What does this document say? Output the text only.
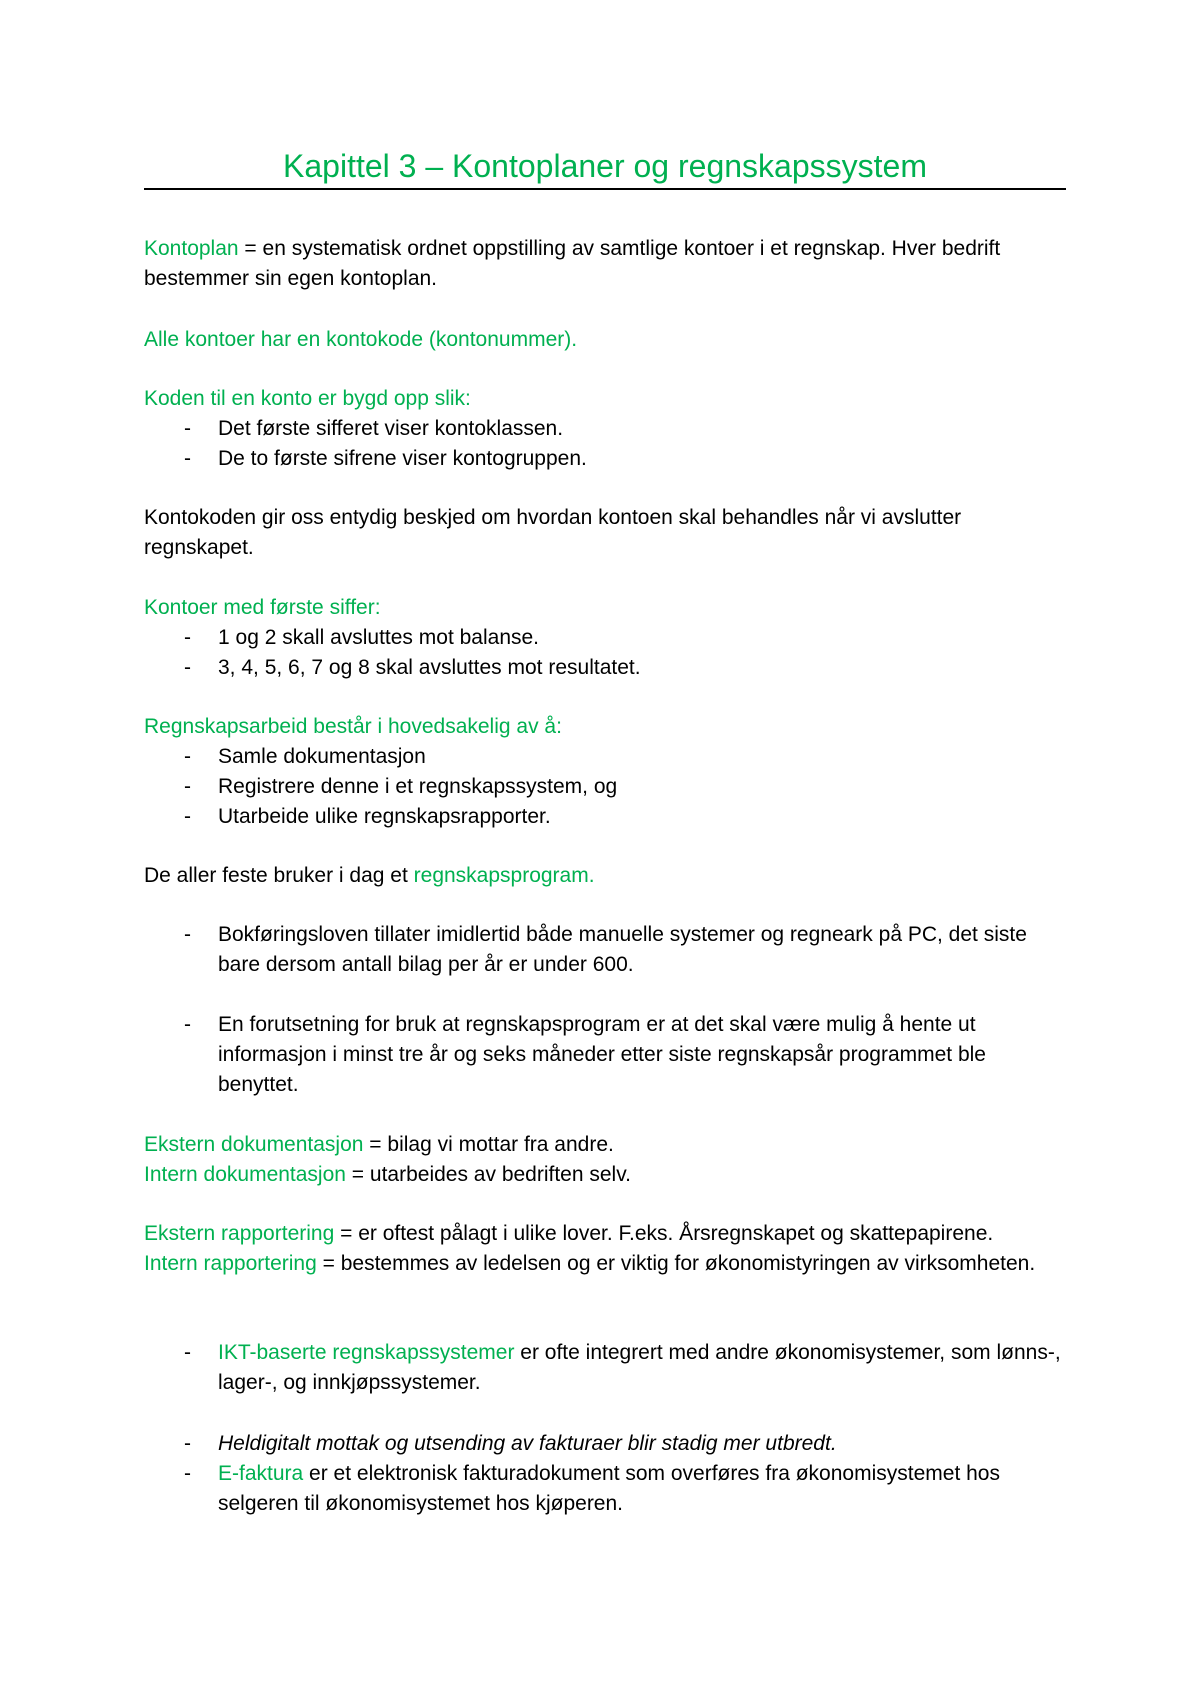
Kapittel 3 – Kontoplaner og regnskapssystem

Kontoplan = en systematisk ordnet oppstilling av samtlige kontoer i et regnskap. Hver bedrift bestemmer sin egen kontoplan.

Alle kontoer har en kontokode (kontonummer).

Koden til en konto er bygd opp slik:

- Det første sifferet viser kontoklassen.

- De to første sifrene viser kontogruppen.

Kontokoden gir oss entydig beskjed om hvordan kontoen skal behandles når vi avslutter regnskapet.

Kontoer med første siffer:

- 1 og 2 skall avsluttes mot balanse.

- 3, 4, 5, 6, 7 og 8 skal avsluttes mot resultatet.

Regnskapsarbeid består i hovedsakelig av å:

- Samle dokumentasjon

- Registrere denne i et regnskapssystem, og

- Utarbeide ulike regnskapsrapporter.

De aller feste bruker i dag et regnskapsprogram.

- Bokføringsloven tillater imidlertid både manuelle systemer og regneark på PC, det siste bare dersom antall bilag per år er under 600.

- En forutsetning for bruk at regnskapsprogram er at det skal være mulig å hente ut informasjon i minst tre år og seks måneder etter siste regnskapsår programmet ble benyttet.

Ekstern dokumentasjon = bilag vi mottar fra andre.

Intern dokumentasjon = utarbeides av bedriften selv.

Ekstern rapportering = er oftest pålagt i ulike lover. F.eks. Årsregnskapet og skattepapirene.

Intern rapportering = bestemmes av ledelsen og er viktig for økonomistyringen av virksomheten.

- IKT-baserte regnskapssystemer er ofte integrert med andre økonomisystemer, som lønns-, lager-, og innkjøpssystemer.

- Heldigitalt mottak og utsending av fakturaer blir stadig mer utbredt.

- E-faktura er et elektronisk fakturadokument som overføres fra økonomisystemet hos selgeren til økonomisystemet hos kjøperen.
